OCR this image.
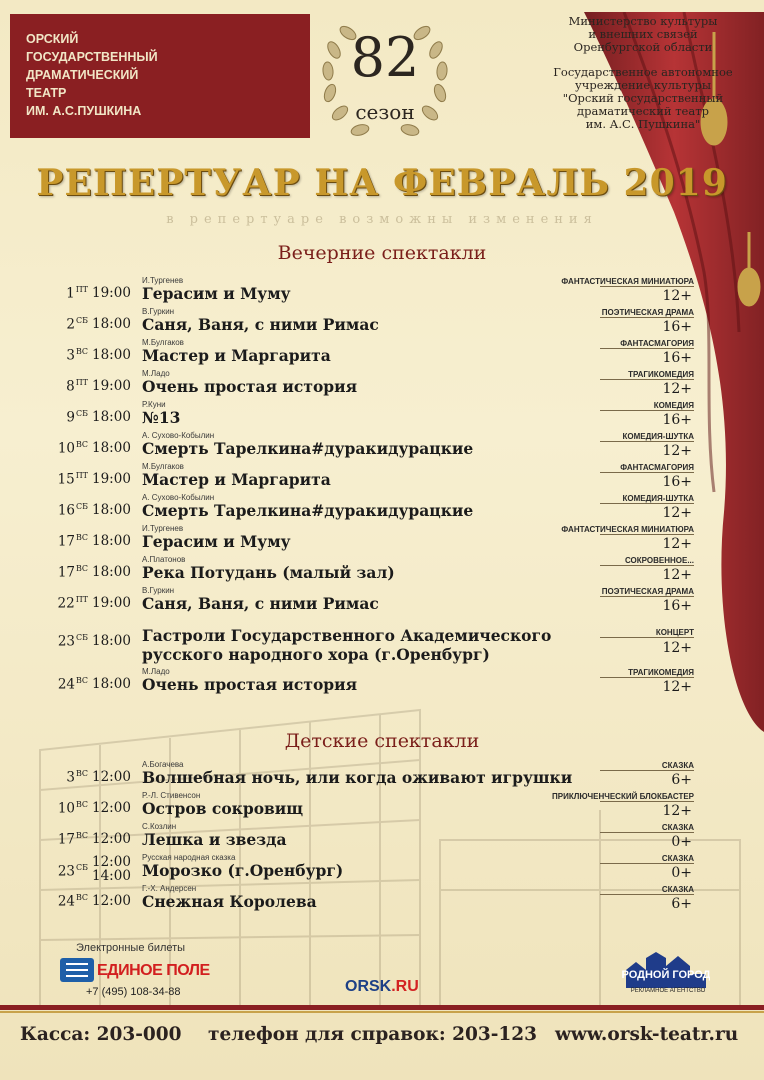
ОРСКИЙ
ГОСУДАРСТВЕННЫЙ
ДРАМАТИЧЕСКИЙ
ТЕАТР
ИМ. А.С.ПУШКИНА
82
сезон
Министерство культуры
и внешних связей
Оренбургской области
Государственное автономное
учреждение культуры
"Орский государственный
драматический театр
им. А.С. Пушкина"
РЕПЕРТУАР НА ФЕВРАЛЬ 2019
в репертуаре возможны изменения
Вечерние спектакли
И.Тургенев
$1^{ПТ}$ 19:00 Герасим и Муму
ФАНТАСТИЧЕСКАЯ МИНИАТЮРА
12+
В.Гуркин
$2^{СБ}$ 18:00 Саня, Ваня, с ними Римас
ПОЭТИЧЕСКАЯ ДРАМА
16+
М.Булгаков
$3^{ВС}$ 18:00 Мастер и Маргарита
ФАНТАСМАГОРИЯ
16+
М.Ладо
$8^{ПТ}$ 19:00 Очень простая история
ТРАГИКОМЕДИЯ
12+
Р.Куни
$9^{СБ}$ 18:00 №13
КОМЕДИЯ
16+
А. Сухово-Кобылин
$10^{ВС}$ 18:00 Смерть Тарелкина#дуракидурацкие
КОМЕДИЯ-ШУТКА
12+
М.Булгаков
$15^{ПТ}$ 19:00 Мастер и Маргарита
ФАНТАСМАГОРИЯ
16+
А. Сухово-Кобылин
$16^{СБ}$ 18:00 Смерть Тарелкина#дуракидурацкие
КОМЕДИЯ-ШУТКА
12+
И.Тургенев
$17^{ВС}$ 18:00 Герасим и Муму
ФАНТАСТИЧЕСКАЯ МИНИАТЮРА
12+
А.Платонов
$17^{ВС}$ 18:00 Река Потудань (малый зал)
СОКРОВЕННОЕ...
12+
В.Гуркин
$22^{ПТ}$ 19:00 Саня, Ваня, с ними Римас
ПОЭТИЧЕСКАЯ ДРАМА
16+
$23^{СБ}$ 18:00 Гастроли Государственного Академического
русского народного хора (г.Оренбург)
КОНЦЕРТ
12+
М.Ладо
$24^{ВС}$ 18:00 Очень простая история
ТРАГИКОМЕДИЯ
12+
Детские спектакли
А.Богачева
$3^{ВС}$ 12:00 Волшебная ночь, или когда оживают игрушки
СКАЗКА
6+
Р.-Л. Стивенсон
$10^{ВС}$ 12:00 Остров сокровищ
ПРИКЛЮЧЕНЧЕСКИЙ БЛОКБАСТЕР
12+
С.Козлин
$17^{ВС}$ 12:00 Лешка и звезда
СКАЗКА
0+
Русская народная сказка
$23^{СБ}$ 12:00
14:00 Морозко (г.Оренбург)
СКАЗКА
0+
Г.-Х. Андерсен
$24^{ВС}$ 12:00 Снежная Королева
СКАЗКА
6+
Электронные билеты
ЕДИНОЕ ПОЛЕ
+7 (495) 108-34-88	ORSK.RU
РОДНОЙ ГОРОД
РЕКЛАМНОЕ АГЕНТСТВО
Касса: 203-000 телефон для справок: 203-123 www.orsk-teatr.ru
